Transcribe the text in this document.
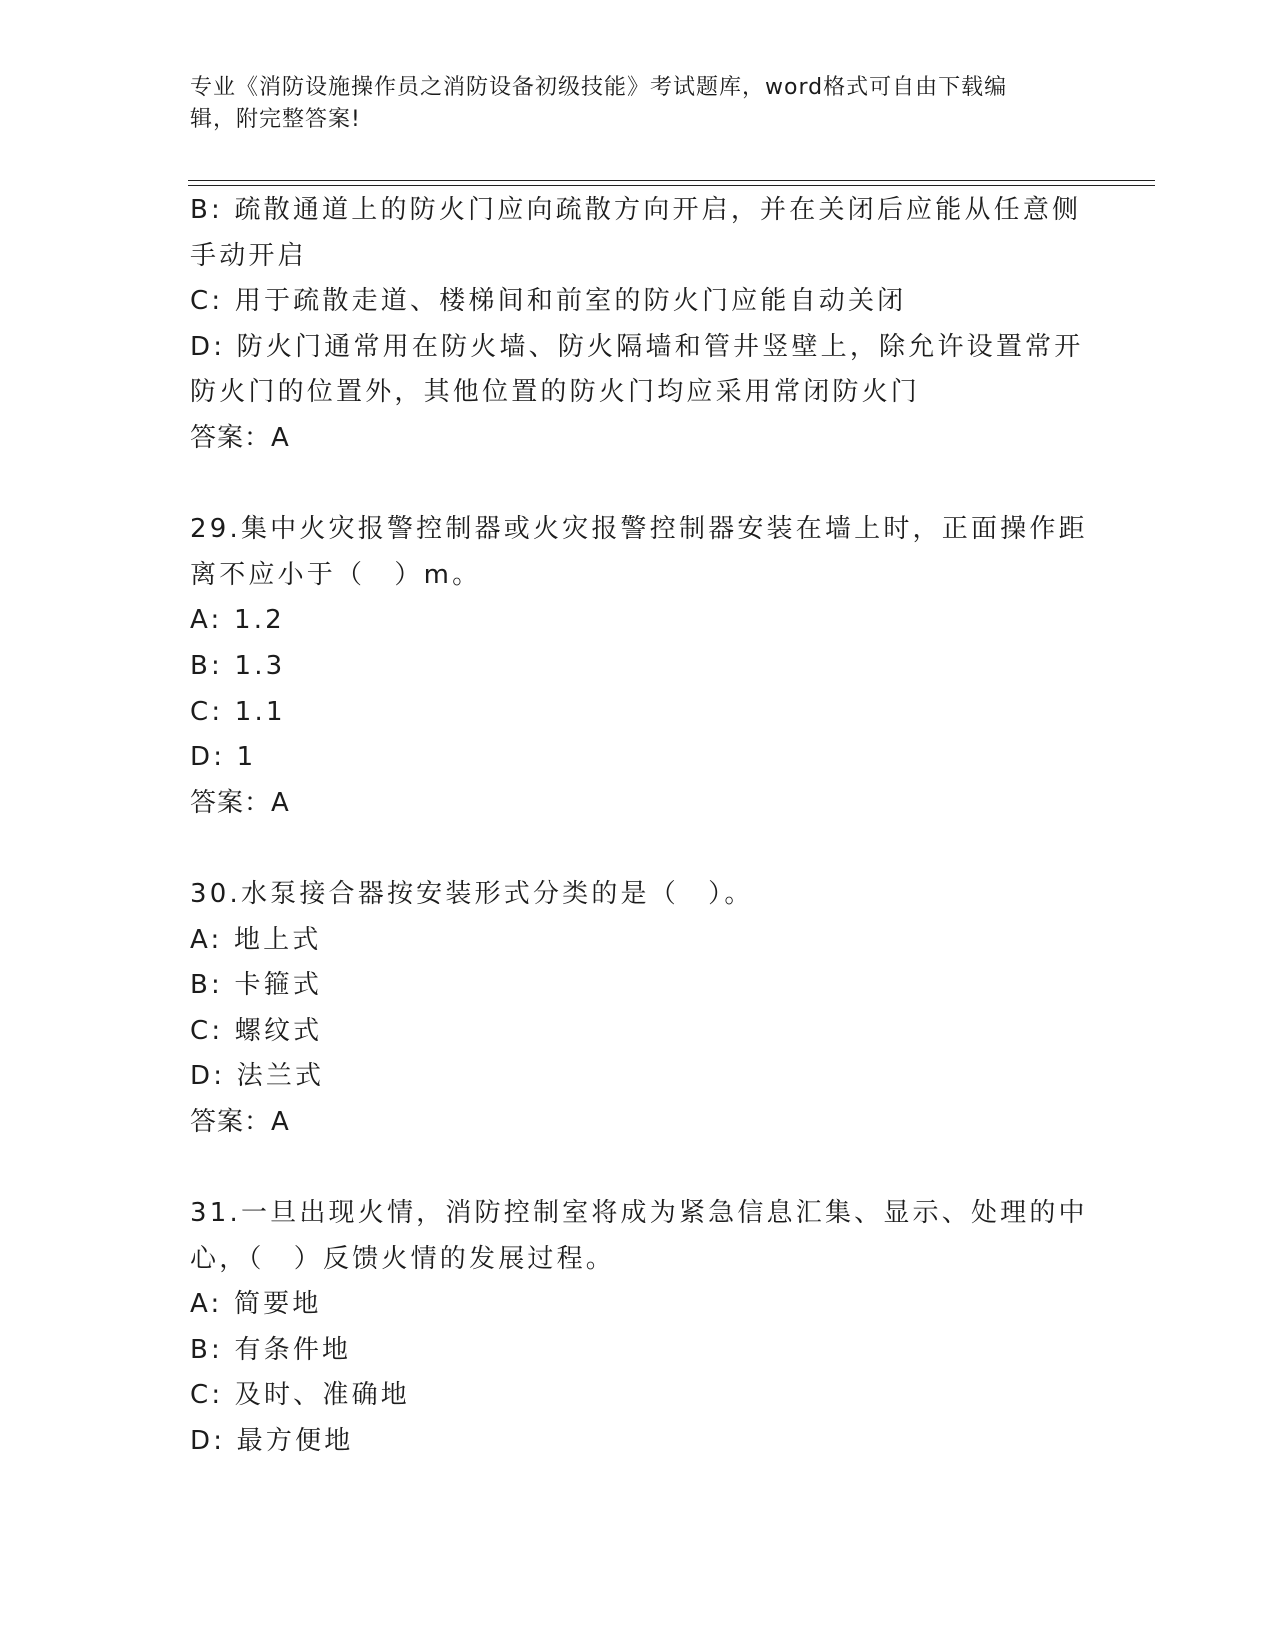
专业《消防设施操作员之消防设备初级技能》考试题库，word格式可自由下载编
辑，附完整答案!
B: 疏散通道上的防火门应向疏散方向开启，并在关闭后应能从任意侧
手动开启
C: 用于疏散走道、楼梯间和前室的防火门应能自动关闭
D: 防火门通常用在防火墙、防火隔墙和管井竖壁上，除允许设置常开
防火门的位置外，其他位置的防火门均应采用常闭防火门
答案：A
29.集中火灾报警控制器或火灾报警控制器安装在墙上时，正面操作距
离不应小于（　）m。
A: 1.2
B: 1.3
C: 1.1
D: 1
答案：A
30.水泵接合器按安装形式分类的是（　）。
A: 地上式
B: 卡箍式
C: 螺纹式
D: 法兰式
答案：A
31.一旦出现火情，消防控制室将成为紧急信息汇集、显示、处理的中
心，（　）反馈火情的发展过程。
A: 简要地
B: 有条件地
C: 及时、准确地
D: 最方便地
